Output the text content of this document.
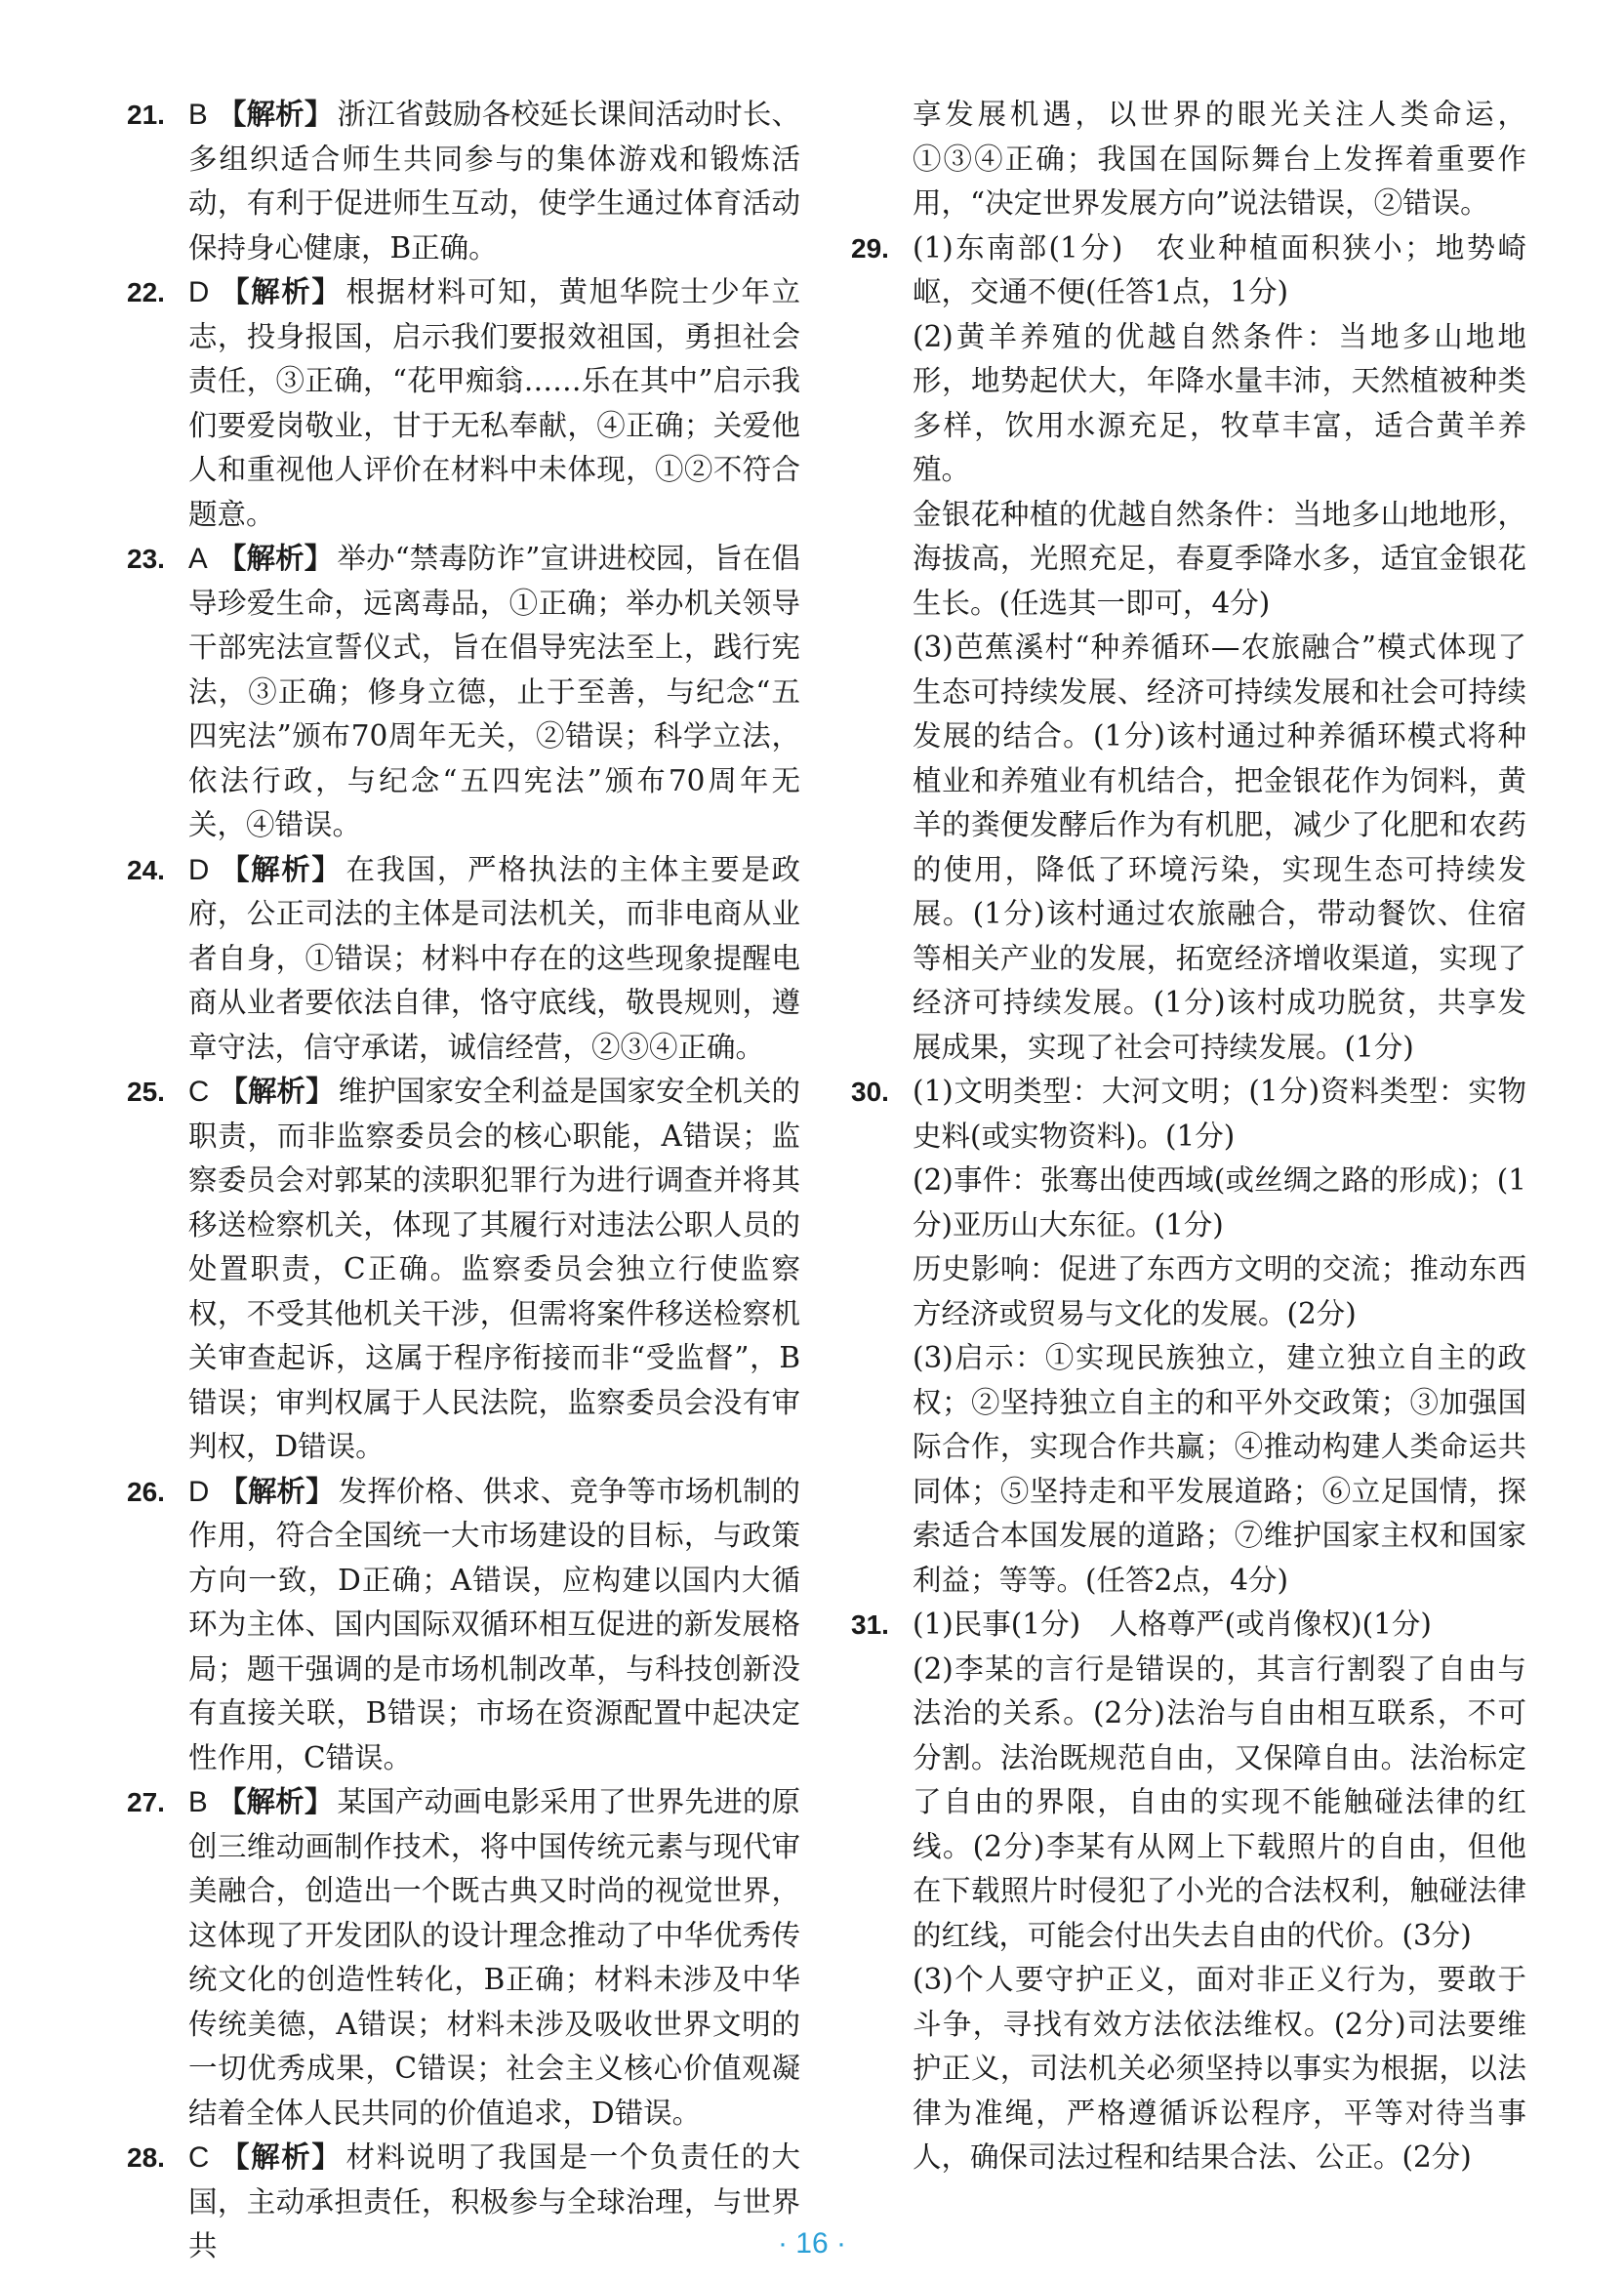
21. B 【解析】 浙江省鼓励各校延长课间活动时长、多组织适合师生共同参与的集体游戏和锻炼活动，有利于促进师生互动，使学生通过体育活动保持身心健康，B正确。
22. D 【解析】 根据材料可知，黄旭华院士少年立志，投身报国，启示我们要报效祖国，勇担社会责任，③正确，“花甲痴翁……乐在其中”启示我们要爱岗敬业，甘于无私奉献，④正确；关爱他人和重视他人评价在材料中未体现，①②不符合题意。
23. A 【解析】 举办“禁毒防诈”宣讲进校园，旨在倡导珍爱生命，远离毒品，①正确；举办机关领导干部宪法宣誓仪式，旨在倡导宪法至上，践行宪法，③正确；修身立德，止于至善，与纪念“五四宪法”颁布70周年无关，②错误；科学立法，依法行政，与纪念“五四宪法”颁布70周年无关，④错误。
24. D 【解析】 在我国，严格执法的主体主要是政府，公正司法的主体是司法机关，而非电商从业者自身，①错误；材料中存在的这些现象提醒电商从业者要依法自律，恪守底线，敬畏规则，遵章守法，信守承诺，诚信经营，②③④正确。
25. C 【解析】 维护国家安全利益是国家安全机关的职责，而非监察委员会的核心职能，A错误；监察委员会对郭某的渎职犯罪行为进行调查并将其移送检察机关，体现了其履行对违法公职人员的处置职责，C正确。监察委员会独立行使监察权，不受其他机关干涉，但需将案件移送检察机关审查起诉，这属于程序衔接而非“受监督”，B错误；审判权属于人民法院，监察委员会没有审判权，D错误。
26. D 【解析】 发挥价格、供求、竞争等市场机制的作用，符合全国统一大市场建设的目标，与政策方向一致，D正确；A错误，应构建以国内大循环为主体、国内国际双循环相互促进的新发展格局；题干强调的是市场机制改革，与科技创新没有直接关联，B错误；市场在资源配置中起决定性作用，C错误。
27. B 【解析】 某国产动画电影采用了世界先进的原创三维动画制作技术，将中国传统元素与现代审美融合，创造出一个既古典又时尚的视觉世界，这体现了开发团队的设计理念推动了中华优秀传统文化的创造性转化，B正确；材料未涉及中华传统美德，A错误；材料未涉及吸收世界文明的一切优秀成果，C错误；社会主义核心价值观凝结着全体人民共同的价值追求，D错误。
28. C 【解析】 材料说明了我国是一个负责任的大国，主动承担责任，积极参与全球治理，与世界共

享发展机遇，以世界的眼光关注人类命运，①③④正确；我国在国际舞台上发挥着重要作用，“决定世界发展方向”说法错误，②错误。

29. (1)东南部(1分)　农业种植面积狭小；地势崎岖，交通不便(任答1点，1分)

(2)黄羊养殖的优越自然条件：当地多山地地形，地势起伏大，年降水量丰沛，天然植被种类多样，饮用水源充足，牧草丰富，适合黄羊养殖。

金银花种植的优越自然条件：当地多山地地形，海拔高，光照充足，春夏季降水多，适宜金银花生长。(任选其一即可，4分)

(3)芭蕉溪村“种养循环—农旅融合”模式体现了生态可持续发展、经济可持续发展和社会可持续发展的结合。(1分)该村通过种养循环模式将种植业和养殖业有机结合，把金银花作为饲料，黄羊的粪便发酵后作为有机肥，减少了化肥和农药的使用，降低了环境污染，实现生态可持续发展。(1分)该村通过农旅融合，带动餐饮、住宿等相关产业的发展，拓宽经济增收渠道，实现了经济可持续发展。(1分)该村成功脱贫，共享发展成果，实现了社会可持续发展。(1分)

30. (1)文明类型：大河文明；(1分)资料类型：实物史料(或实物资料)。(1分)

(2)事件：张骞出使西域(或丝绸之路的形成)；(1分)亚历山大东征。(1分)

历史影响：促进了东西方文明的交流；推动东西方经济或贸易与文化的发展。(2分)

(3)启示：①实现民族独立，建立独立自主的政权；②坚持独立自主的和平外交政策；③加强国际合作，实现合作共赢；④推动构建人类命运共同体；⑤坚持走和平发展道路；⑥立足国情，探索适合本国发展的道路；⑦维护国家主权和国家利益；等等。(任答2点，4分)

31. (1)民事(1分)　人格尊严(或肖像权)(1分)

(2)李某的言行是错误的，其言行割裂了自由与法治的关系。(2分)法治与自由相互联系，不可分割。法治既规范自由，又保障自由。法治标定了自由的界限，自由的实现不能触碰法律的红线。(2分)李某有从网上下载照片的自由，但他在下载照片时侵犯了小光的合法权利，触碰法律的红线，可能会付出失去自由的代价。(3分)

(3)个人要守护正义，面对非正义行为，要敢于斗争，寻找有效方法依法维权。(2分)司法要维护正义，司法机关必须坚持以事实为根据，以法律为准绳，严格遵循诉讼程序，平等对待当事人，确保司法过程和结果合法、公正。(2分)

· 16 ·
